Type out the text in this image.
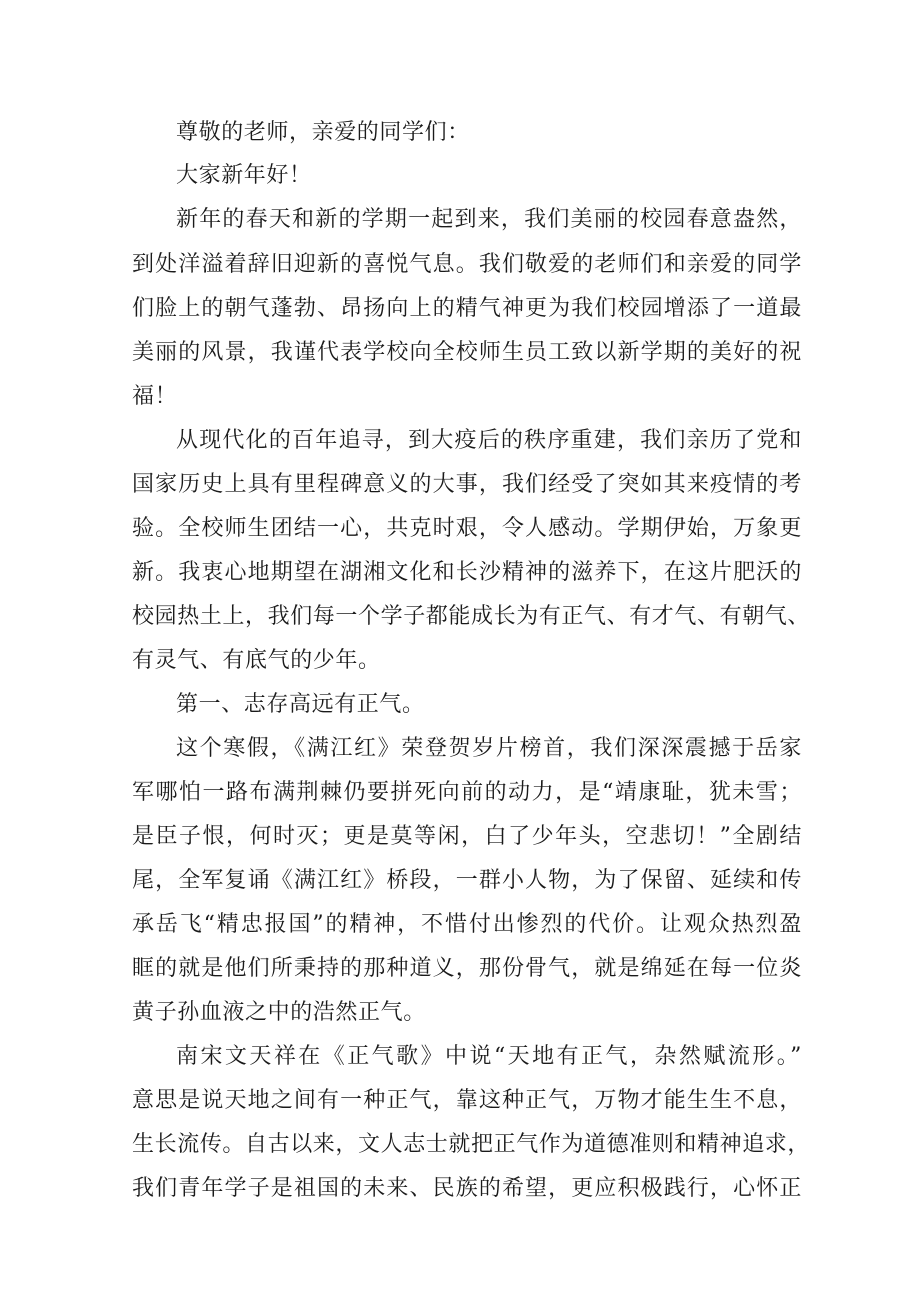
尊敬的老师，亲爱的同学们：
大家新年好！
新年的春天和新的学期一起到来，我们美丽的校园春意盎然，
到处洋溢着辞旧迎新的喜悦气息。我们敬爱的老师们和亲爱的同学
们脸上的朝气蓬勃、昂扬向上的精气神更为我们校园增添了一道最
美丽的风景，我谨代表学校向全校师生员工致以新学期的美好的祝
福！
从现代化的百年追寻，到大疫后的秩序重建，我们亲历了党和
国家历史上具有里程碑意义的大事，我们经受了突如其来疫情的考
验。全校师生团结一心，共克时艰，令人感动。学期伊始，万象更
新。我衷心地期望在湖湘文化和长沙精神的滋养下，在这片肥沃的
校园热土上，我们每一个学子都能成长为有正气、有才气、有朝气、
有灵气、有底气的少年。
第一、志存高远有正气。
这个寒假，《满江红》荣登贺岁片榜首，我们深深震撼于岳家
军哪怕一路布满荆棘仍要拼死向前的动力，是“靖康耻，犹未雪；
是臣子恨，何时灭；更是莫等闲，白了少年头，空悲切！”全剧结
尾，全军复诵《满江红》桥段，一群小人物，为了保留、延续和传
承岳飞“精忠报国”的精神，不惜付出惨烈的代价。让观众热烈盈
眶的就是他们所秉持的那种道义，那份骨气，就是绵延在每一位炎
黄子孙血液之中的浩然正气。
南宋文天祥在《正气歌》中说“天地有正气，杂然赋流形。”
意思是说天地之间有一种正气，靠这种正气，万物才能生生不息，
生长流传。自古以来，文人志士就把正气作为道德准则和精神追求，
我们青年学子是祖国的未来、民族的希望，更应积极践行，心怀正
